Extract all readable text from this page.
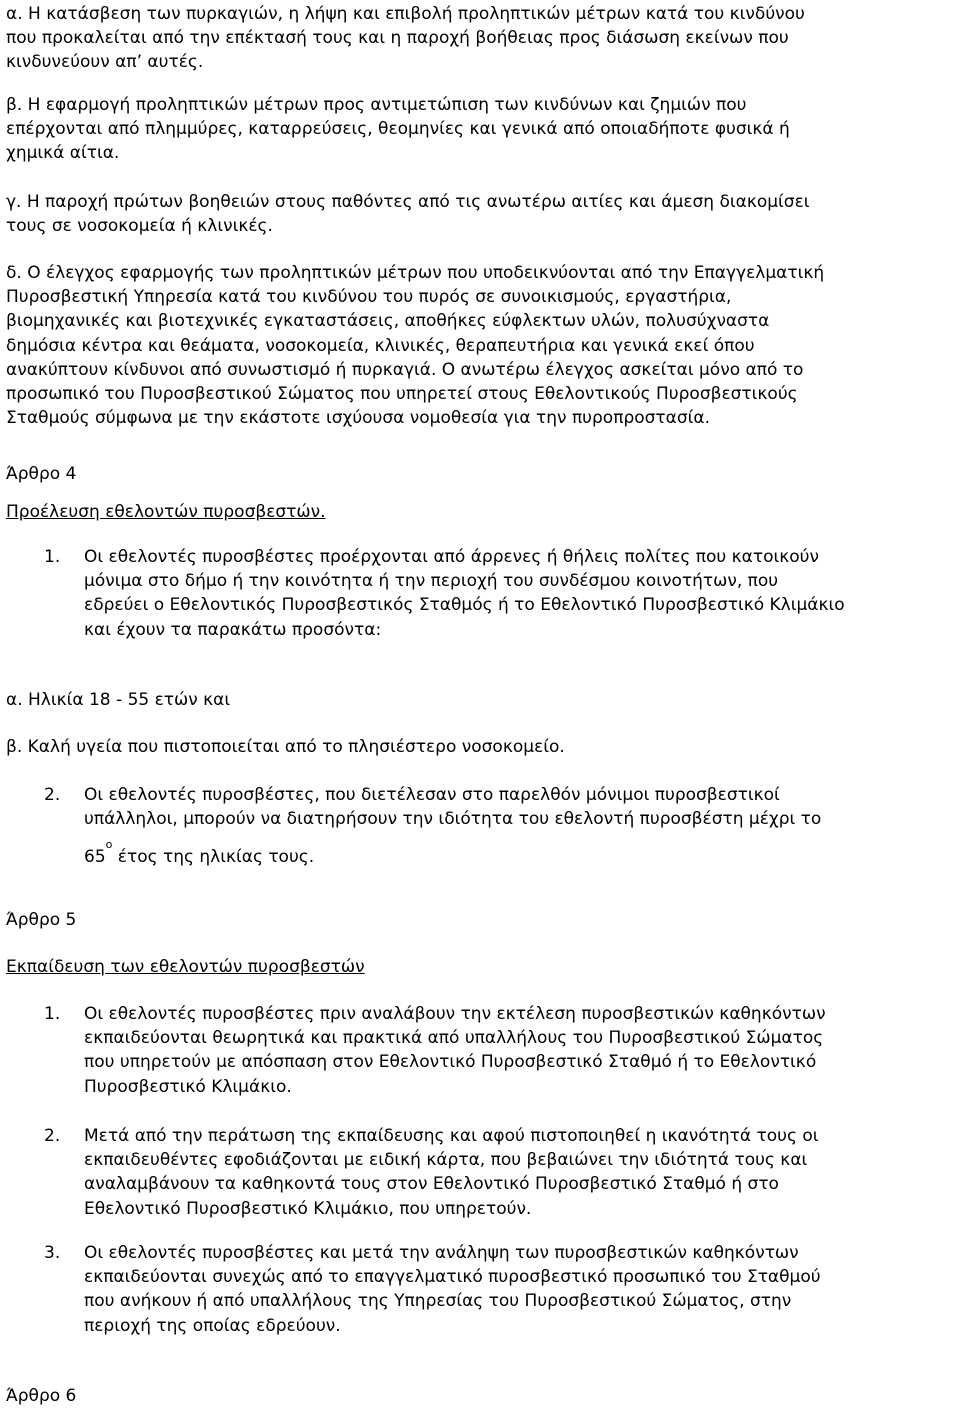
α. Η κατάσβεση των πυρκαγιών, η λήψη και επιβολή προληπτικών μέτρων κατά του κινδύνου
που προκαλείται από την επέκτασή τους και η παροχή βοήθειας προς διάσωση εκείνων που
κινδυνεύουν απ’ αυτές.
β. Η εφαρμογή προληπτικών μέτρων προς αντιμετώπιση των κινδύνων και ζημιών που
επέρχονται από πλημμύρες, καταρρεύσεις, θεομηνίες και γενικά από οποιαδήποτε φυσικά ή
χημικά αίτια.
γ. Η παροχή πρώτων βοηθειών στους παθόντες από τις ανωτέρω αιτίες και άμεση διακομίσει
τους σε νοσοκομεία ή κλινικές.
δ. Ο έλεγχος εφαρμογής των προληπτικών μέτρων που υποδεικνύονται από την Επαγγελματική
Πυροσβεστική Υπηρεσία κατά του κινδύνου του πυρός σε συνοικισμούς, εργαστήρια,
βιομηχανικές και βιοτεχνικές εγκαταστάσεις, αποθήκες εύφλεκτων υλών, πολυσύχναστα
δημόσια κέντρα και θεάματα, νοσοκομεία, κλινικές, θεραπευτήρια και γενικά εκεί όπου
ανακύπτουν κίνδυνοι από συνωστισμό ή πυρκαγιά. Ο ανωτέρω έλεγχος ασκείται μόνο από το
προσωπικό του Πυροσβεστικού Σώματος που υπηρετεί στους Εθελοντικούς Πυροσβεστικούς
Σταθμούς σύμφωνα με την εκάστοτε ισχύουσα νομοθεσία για την πυροπροστασία.
Άρθρο 4
Προέλευση εθελοντών πυροσβεστών.
1. Οι εθελοντές πυροσβέστες προέρχονται από άρρενες ή θήλεις πολίτες που κατοικούν
μόνιμα στο δήμο ή την κοινότητα ή την περιοχή του συνδέσμου κοινοτήτων, που
εδρεύει ο Εθελοντικός Πυροσβεστικός Σταθμός ή το Εθελοντικό Πυροσβεστικό Κλιμάκιο
και έχουν τα παρακάτω προσόντα:
α. Ηλικία 18 - 55 ετών και
β. Καλή υγεία που πιστοποιείται από το πλησιέστερο νοσοκομείο.
2. Οι εθελοντές πυροσβέστες, που διετέλεσαν στο παρελθόν μόνιμοι πυροσβεστικοί
υπάλληλοι, μπορούν να διατηρήσουν την ιδιότητα του εθελοντή πυροσβέστη μέχρι το
$65^o$ έτος της ηλικίας τους.
Άρθρο 5
Εκπαίδευση των εθελοντών πυροσβεστών
1. Οι εθελοντές πυροσβέστες πριν αναλάβουν την εκτέλεση πυροσβεστικών καθηκόντων
εκπαιδεύονται θεωρητικά και πρακτικά από υπαλλήλους του Πυροσβεστικού Σώματος
που υπηρετούν με απόσπαση στον Εθελοντικό Πυροσβεστικό Σταθμό ή το Εθελοντικό
Πυροσβεστικό Κλιμάκιο.
2. Μετά από την περάτωση της εκπαίδευσης και αφού πιστοποιηθεί η ικανότητά τους οι
εκπαιδευθέντες εφοδιάζονται με ειδική κάρτα, που βεβαιώνει την ιδιότητά τους και
αναλαμβάνουν τα καθηκοντά τους στον Εθελοντικό Πυροσβεστικό Σταθμό ή στο
Εθελοντικό Πυροσβεστικό Κλιμάκιο, που υπηρετούν.
3. Οι εθελοντές πυροσβέστες και μετά την ανάληψη των πυροσβεστικών καθηκόντων
εκπαιδεύονται συνεχώς από το επαγγελματικό πυροσβεστικό προσωπικό του Σταθμού
που ανήκουν ή από υπαλλήλους της Υπηρεσίας του Πυροσβεστικού Σώματος, στην
περιοχή της οποίας εδρεύουν.
Άρθρο 6
